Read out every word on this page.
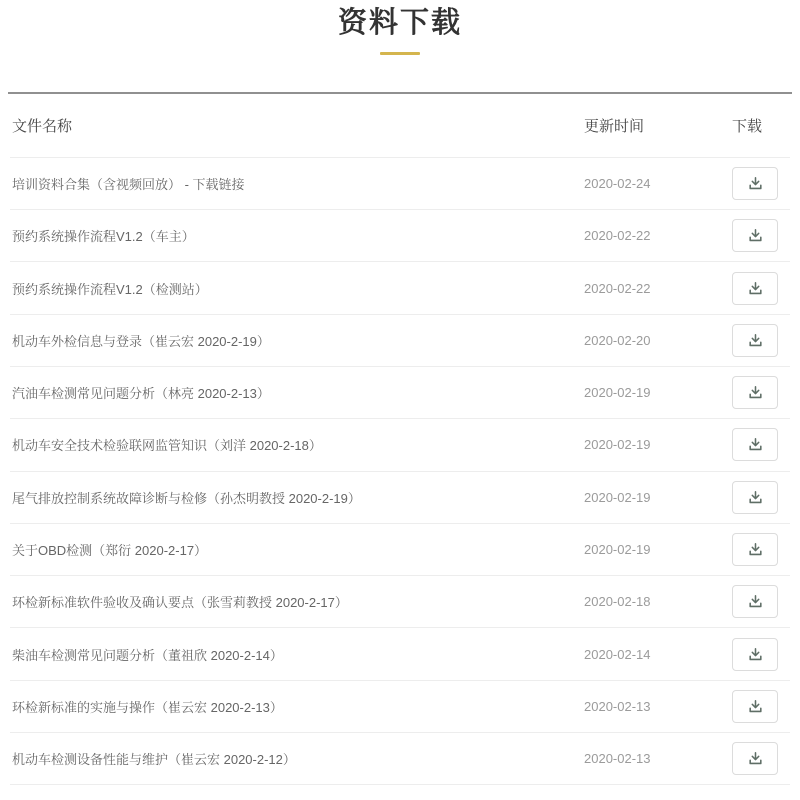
资料下载
文件名称	更新时间	下载
培训资料合集（含视频回放） - 下载链接	2020-02-24
预约系统操作流程V1.2（车主）	2020-02-22
预约系统操作流程V1.2（检测站）	2020-02-22
机动车外检信息与登录（崔云宏 2020-2-19）	2020-02-20
汽油车检测常见问题分析（林亮 2020-2-13）	2020-02-19
机动车安全技术检验联网监管知识（刘洋 2020-2-18）	2020-02-19
尾气排放控制系统故障诊断与检修（孙杰明教授 2020-2-19）	2020-02-19
关于OBD检测（郑衍 2020-2-17）	2020-02-19
环检新标准软件验收及确认要点（张雪莉教授 2020-2-17）	2020-02-18
柴油车检测常见问题分析（董祖欣 2020-2-14）	2020-02-14
环检新标准的实施与操作（崔云宏 2020-2-13）	2020-02-13
机动车检测设备性能与维护（崔云宏 2020-2-12）	2020-02-13
